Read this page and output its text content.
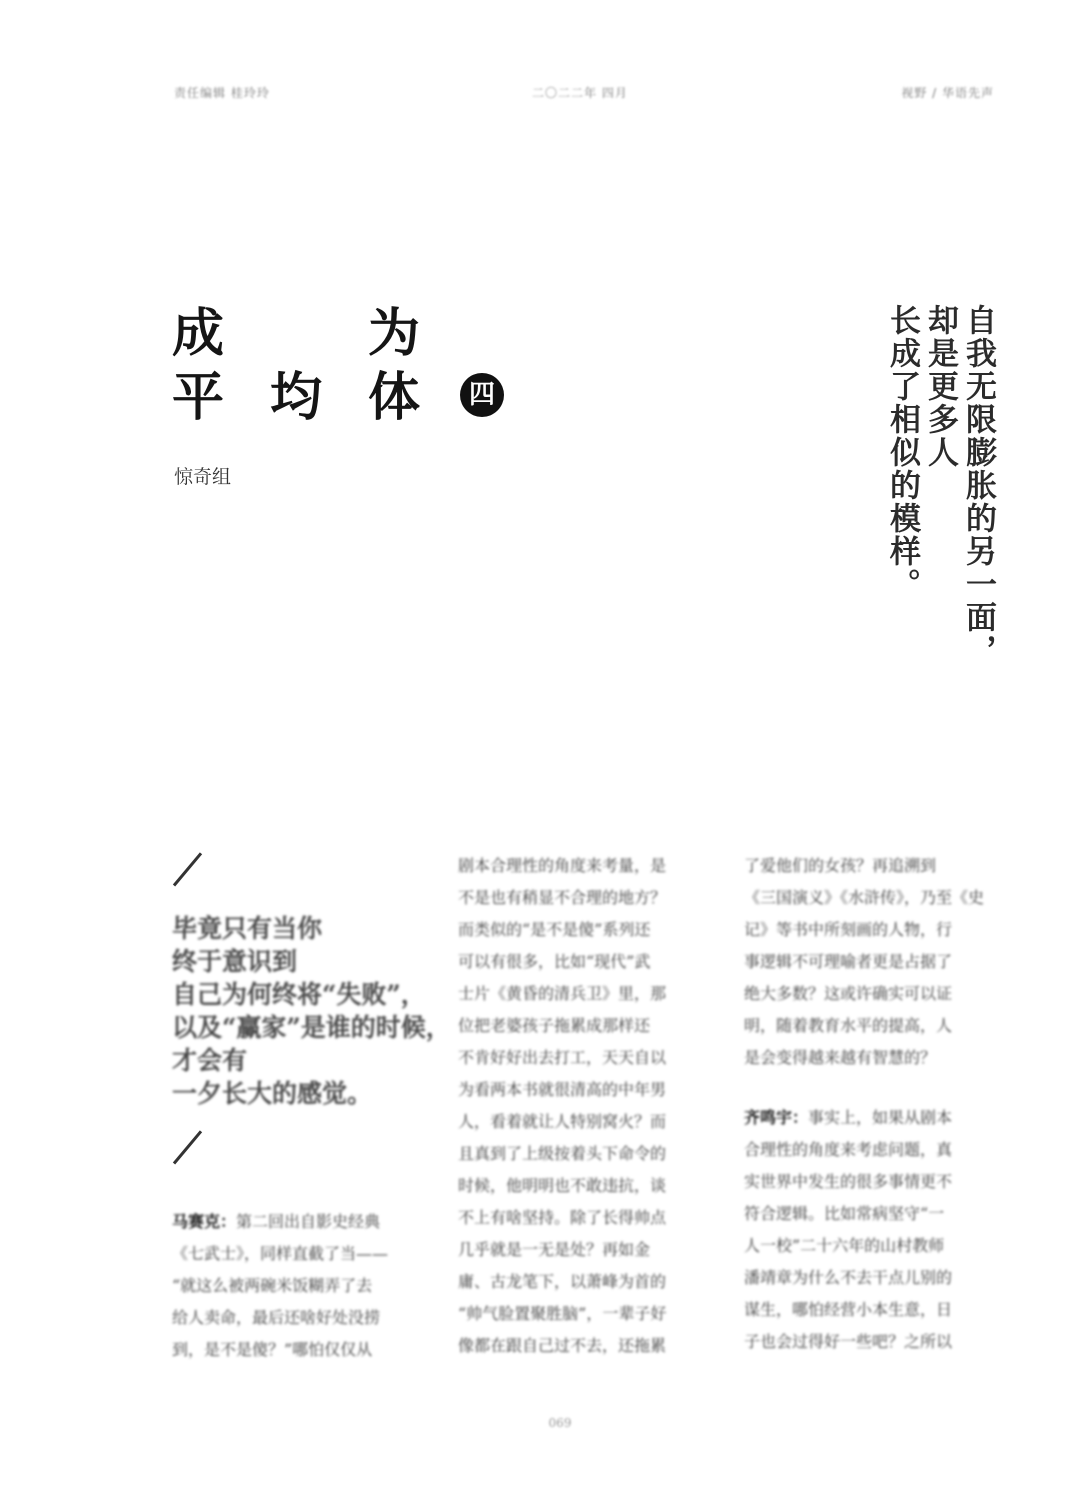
责任编辑 桂玲玲	二〇二二年 四月	视野 / 华语先声
成	为
平 均 体	四
惊奇组	自我无限膨胀的另一面，
却是更多人
长成了相似的模样。
毕竟只有当你
终于意识到
自己为何终将“失败”，
以及“赢家”是谁的时候，
才会有
一夕长大的感觉。
马赛克：第二回出自影史经典
《七武士》，同样直截了当——
“就这么被两碗米饭糊弄了去
给人卖命，最后还啥好处没捞
到，是不是傻？”哪怕仅仅从
剧本合理性的角度来考量，是
不是也有稍显不合理的地方？
而类似的“是不是傻”系列还
可以有很多，比如“现代”武
士片《黄昏的清兵卫》里，那
位把老婆孩子拖累成那样还
不肯好好出去打工，天天自以
为看两本书就很清高的中年男
人，看着就让人特别窝火？而
且真到了上级按着头下命令的
时候，他明明也不敢违抗，谈
不上有啥坚持。除了长得帅点
几乎就是一无是处？再如金
庸、古龙笔下，以萧峰为首的
“帅气脸置聚胜脑”，一辈子好
像都在跟自己过不去，还拖累
了爱他们的女孩？再追溯到
《三国演义》《水浒传》，乃至《史
记》等书中所刻画的人物，行
事逻辑不可理喻者更是占据了
绝大多数？这或许确实可以证
明，随着教育水平的提高，人
是会变得越来越有智慧的？
齐鸣宇：事实上，如果从剧本
合理性的角度来考虑问题，真
实世界中发生的很多事情更不
符合逻辑。比如常病坚守“一
人一校”二十六年的山村教师
潘靖章为什么不去干点儿别的
谋生，哪怕经营小本生意，日
子也会过得好一些吧？之所以
069
